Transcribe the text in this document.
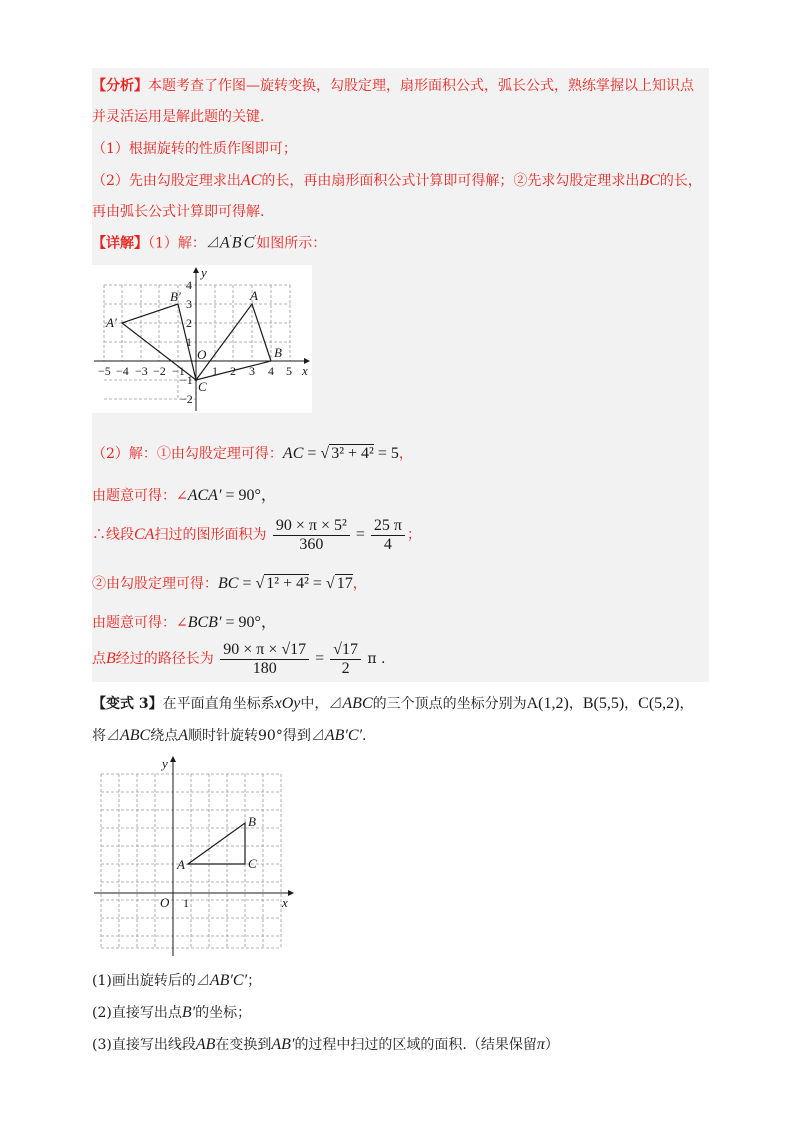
【分析】本题考查了作图—旋转变换，勾股定理，扇形面积公式，弧长公式，熟练掌握以上知识点
并灵活运用是解此题的关键.
（1）根据旋转的性质作图即可；
（2）先由勾股定理求出AC的长，再由扇形面积公式计算即可得解；②先求勾股定理求出BC的长，
再由弧长公式计算即可得解.
【详解】（1）解：⊿A′B′C′如图所示：
x
y
O
−5 −4 −3 −2 −1 1 2 3 4 5
4
3
2
1
−1
−2
A
B
C
A′
B′
（2）解：①由勾股定理可得：AC = √ 3² + 4² = 5，
由题意可得：∠ACA′ = 90°，
∴线段CA扫过的图形面积为 $\frac{\text{90 × π × 5²}}{360} = \frac{25 \pi}{4}$ ；
②由勾股定理可得：BC = √ 1² + 4² = √ 17，
由题意可得：∠BCB′ = 90°，
点B经过的路径长为 $\frac{90 \times \pi \times √17}{180} = \frac{√17}{2}$ π .
【变式 3】在平面直角坐标系xOy中，⊿ABC的三个顶点的坐标分别为A(1,2)，B(5,5)，C(5,2)，
将⊿ABC绕点A顺时针旋转90°得到⊿AB′C′.
x
y
O 1
A
B
C
(1)画出旋转后的⊿AB′C′；
(2)直接写出点B′的坐标；
(3)直接写出线段AB在变换到AB′的过程中扫过的区域的面积.（结果保留π）
